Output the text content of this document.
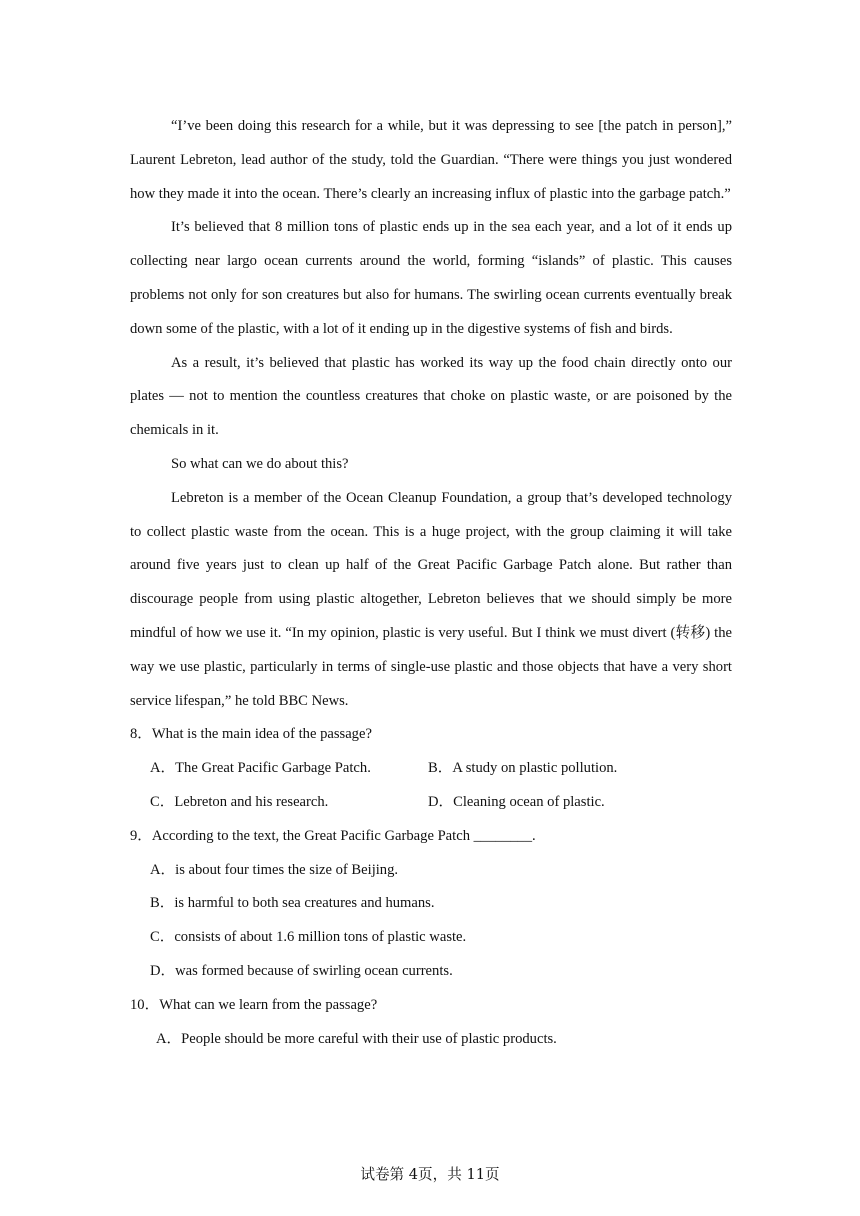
“I’ve been doing this research for a while, but it was depressing to see [the patch in person],” Laurent Lebreton, lead author of the study, told the Guardian. “There were things you just wondered how they made it into the ocean. There’s clearly an increasing influx of plastic into the garbage patch.”

It’s believed that 8 million tons of plastic ends up in the sea each year, and a lot of it ends up collecting near largo ocean currents around the world, forming “islands” of plastic. This causes problems not only for son creatures but also for humans. The swirling ocean currents eventually break down some of the plastic, with a lot of it ending up in the digestive systems of fish and birds.

As a result, it’s believed that plastic has worked its way up the food chain directly onto our plates — not to mention the countless creatures that choke on plastic waste, or are poisoned by the chemicals in it.

So what can we do about this?

Lebreton is a member of the Ocean Cleanup Foundation, a group that’s developed technology to collect plastic waste from the ocean. This is a huge project, with the group claiming it will take around five years just to clean up half of the Great Pacific Garbage Patch alone. But rather than discourage people from using plastic altogether, Lebreton believes that we should simply be more mindful of how we use it. “In my opinion, plastic is very useful. But I think we must divert (转移) the way we use plastic, particularly in terms of single-use plastic and those objects that have a very short service lifespan,” he told BBC News.

8．What is the main idea of the passage?

A．The Great Pacific Garbage Patch.	B．A study on plastic pollution.
C．Lebreton and his research.	D．Cleaning ocean of plastic.

9．According to the text, the Great Pacific Garbage Patch ________.

A．is about four times the size of Beijing.

B．is harmful to both sea creatures and humans.

C．consists of about 1.6 million tons of plastic waste.

D．was formed because of swirling ocean currents.

10．What can we learn from the passage?

A．People should be more careful with their use of plastic products.

试卷第 4页，共 11页
